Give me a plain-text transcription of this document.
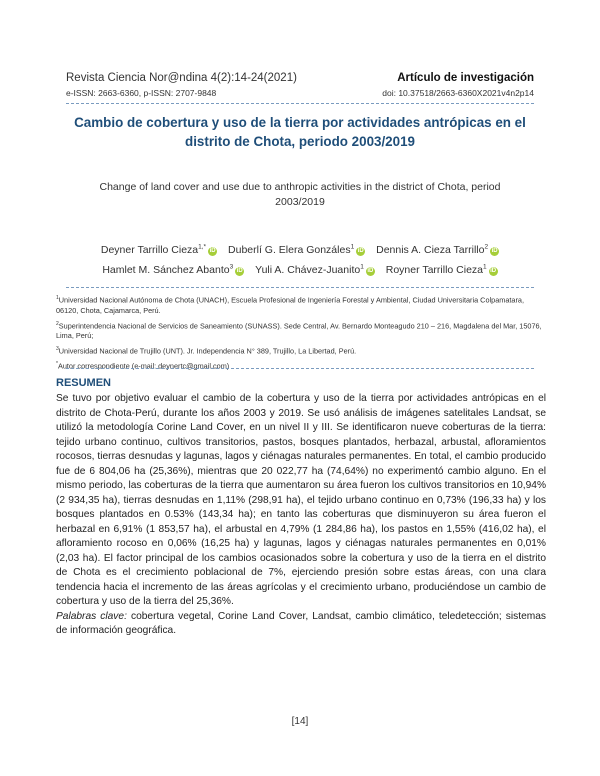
Revista Ciencia Nor@ndina 4(2):14-24(2021)
e-ISSN: 2663-6360, p-ISSN: 2707-9848
Artículo de investigación
doi: 10.37518/2663-6360X2021v4n2p14
Cambio de cobertura y uso de la tierra por actividades antrópicas en el distrito de Chota, periodo 2003/2019
Change of land cover and use due to anthropic activities in the district of Chota, period 2003/2019
Deyner Tarrillo Cieza$^{1,*}$iD Duberlí G. Elera Gonzáles$^1$iD Dennis A. Cieza Tarrillo$^2$iD
Hamlet M. Sánchez Abanto$^3$iD Yuli A. Chávez-Juanito$^1$iD Royner Tarrillo Cieza$^1$iD

$^1$Universidad Nacional Autónoma de Chota (UNACH), Escuela Profesional de Ingeniería Forestal y Ambiental, Ciudad Universitaria Colpamatara, 06120, Chota, Cajamarca, Perú.

$^2$Superintendencia Nacional de Servicios de Saneamiento (SUNASS). Sede Central, Av. Bernardo Monteagudo 210 – 216, Magdalena del Mar, 15076, Lima, Perú;

$^3$Universidad Nacional de Trujillo (UNT). Jr. Independencia N° 389, Trujillo, La Libertad, Perú.

*Autor correspondiente (e-mail: deynertc@gmail.com)

RESUMEN

Se tuvo por objetivo evaluar el cambio de la cobertura y uso de la tierra por actividades antrópicas en el distrito de Chota-Perú, durante los años 2003 y 2019. Se usó análisis de imágenes satelitales Landsat, se utilizó la metodología Corine Land Cover, en un nivel II y III. Se identificaron nueve coberturas de la tierra: tejido urbano continuo, cultivos transitorios, pastos, bosques plantados, herbazal, arbustal, afloramientos rocosos, tierras desnudas y lagunas, lagos y ciénagas naturales permanentes. En total, el cambio producido fue de 6 804,06 ha (25,36%), mientras que 20 022,77 ha (74,64%) no experimentó cambio alguno. En el mismo periodo, las coberturas de la tierra que aumentaron su área fueron los cultivos transitorios en 10,94% (2 934,35 ha), tierras desnudas en 1,11% (298,91 ha), el tejido urbano continuo en 0,73% (196,33 ha) y los bosques plantados en 0.53% (143,34 ha); en tanto las coberturas que disminuyeron su área fueron el herbazal en 6,91% (1 853,57 ha), el arbustal en 4,79% (1 284,86 ha), los pastos en 1,55% (416,02 ha), el afloramiento rocoso en 0,06% (16,25 ha) y lagunas, lagos y ciénagas naturales permanentes en 0,01% (2,03 ha). El factor principal de los cambios ocasionados sobre la cobertura y uso de la tierra en el distrito de Chota es el crecimiento poblacional de 7%, ejerciendo presión sobre estas áreas, con una clara tendencia hacia el incremento de las áreas agrícolas y el crecimiento urbano, produciéndose un cambio de cobertura y uso de la tierra del 25,36%.

Palabras clave: cobertura vegetal, Corine Land Cover, Landsat, cambio climático, teledetección; sistemas de información geográfica.

[14]
